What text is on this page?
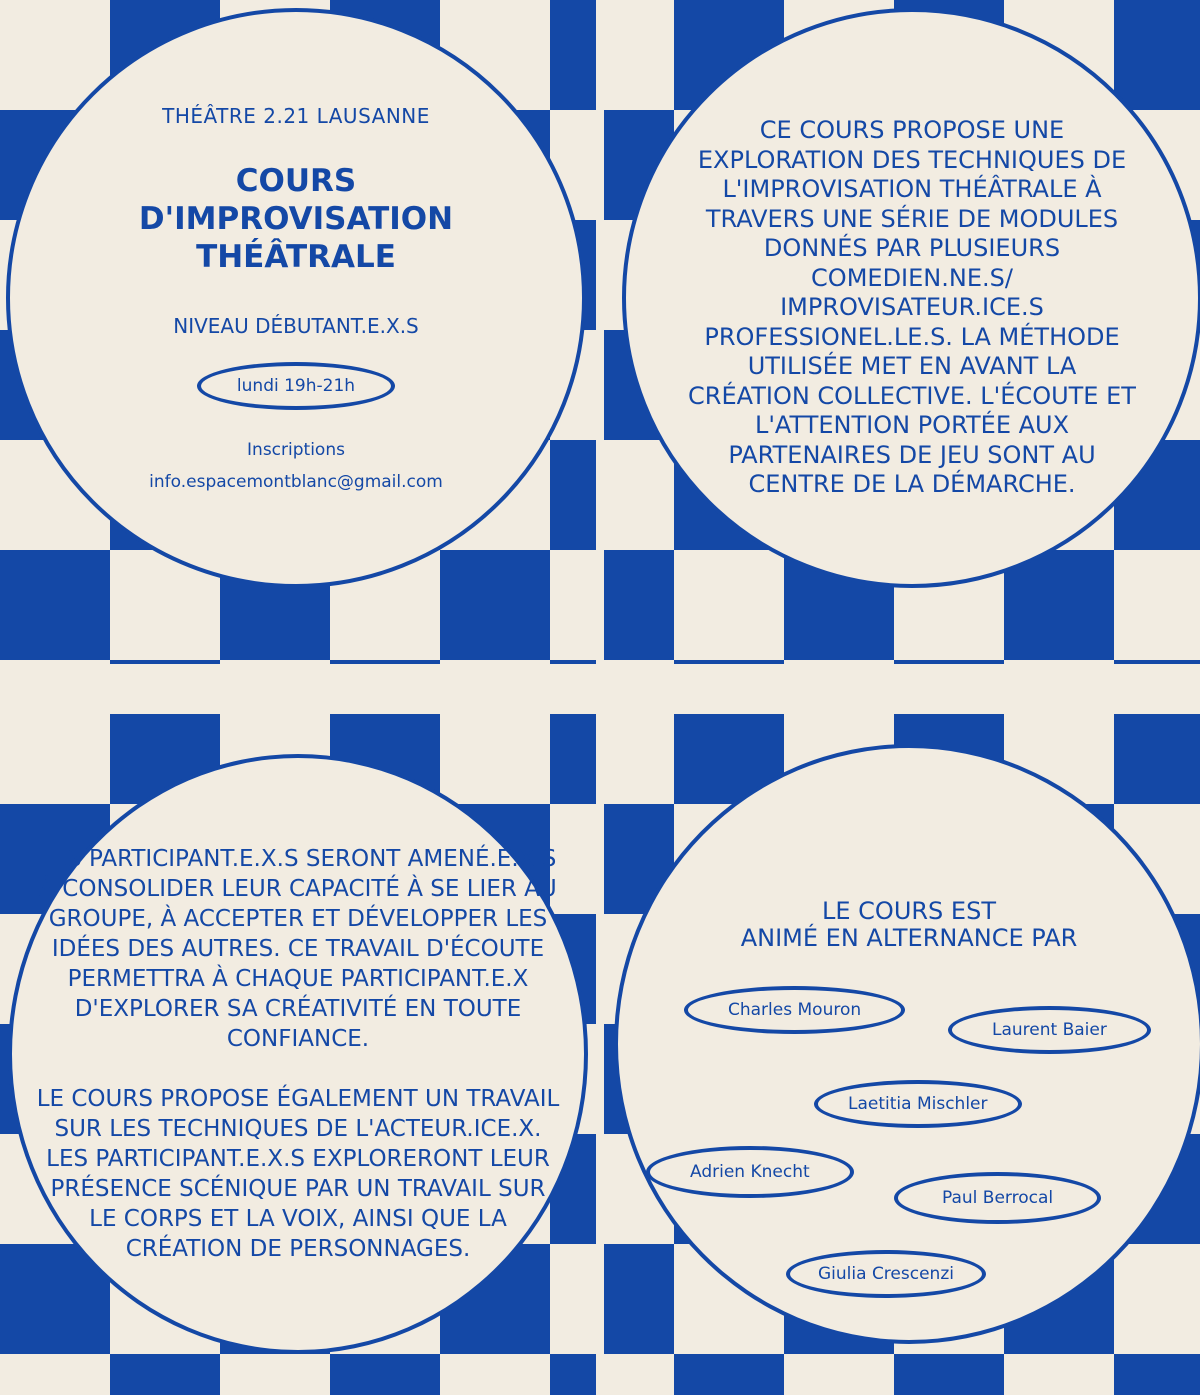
THÉÂTRE 2.21 LAUSANNE
COURS
D'IMPROVISATION
THÉÂTRALE
NIVEAU DÉBUTANT.E.X.S
lundi 19h-21h
Inscriptions
info.espacemontblanc@gmail.com
CE COURS PROPOSE UNE EXPLORATION DES TECHNIQUES DE L'IMPROVISATION THÉÂTRALE À TRAVERS UNE SÉRIE DE MODULES DONNÉS PAR PLUSIEURS COMEDIEN.NE.S/ IMPROVISATEUR.ICE.S PROFESSIONEL.LE.S. LA MÉTHODE UTILISÉE MET EN AVANT LA CRÉATION COLLECTIVE. L'ÉCOUTE ET L'ATTENTION PORTÉE AUX PARTENAIRES DE JEU SONT AU CENTRE DE LA DÉMARCHE.
LES PARTICIPANT.E.X.S SERONT AMENÉ.E.X.S À CONSOLIDER LEUR CAPACITÉ À SE LIER AU GROUPE, À ACCEPTER ET DÉVELOPPER LES IDÉES DES AUTRES. CE TRAVAIL D'ÉCOUTE PERMETTRA À CHAQUE PARTICIPANT.E.X D'EXPLORER SA CRÉATIVITÉ EN TOUTE CONFIANCE.
LE COURS PROPOSE ÉGALEMENT UN TRAVAIL SUR LES TECHNIQUES DE L'ACTEUR.ICE.X. LES PARTICIPANT.E.X.S EXPLORERONT LEUR PRÉSENCE SCÉNIQUE PAR UN TRAVAIL SUR LE CORPS ET LA VOIX, AINSI QUE LA CRÉATION DE PERSONNAGES.
LE COURS EST
ANIMÉ EN ALTERNANCE PAR
Charles Mouron
Laurent Baier
Laetitia Mischler
Adrien Knecht
Paul Berrocal
Giulia Crescenzi
